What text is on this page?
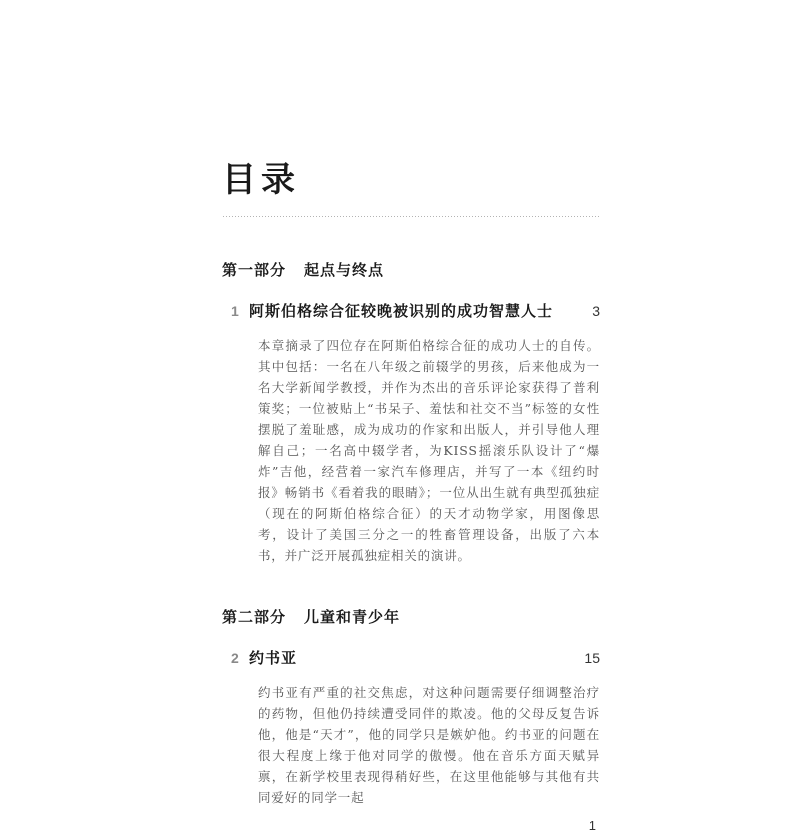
目录
第一部分 起点与终点
1 阿斯伯格综合征较晚被识别的成功智慧人士	3

本章摘录了四位存在阿斯伯格综合征的成功人士的自传。其中包括：一名在八年级之前辍学的男孩，后来他成为一名大学新闻学教授，并作为杰出的音乐评论家获得了普利策奖；一位被贴上“书呆子、羞怯和社交不当”标签的女性摆脱了羞耻感，成为成功的作家和出版人，并引导他人理解自己；一名高中辍学者，为KISS摇滚乐队设计了“爆炸”吉他，经营着一家汽车修理店，并写了一本《纽约时报》畅销书《看着我的眼睛》；一位从出生就有典型孤独症（现在的阿斯伯格综合征）的天才动物学家，用图像思考，设计了美国三分之一的牲畜管理设备，出版了六本书，并广泛开展孤独症相关的演讲。

第二部分 儿童和青少年
2 约书亚	15

约书亚有严重的社交焦虑，对这种问题需要仔细调整治疗的药物，但他仍持续遭受同伴的欺凌。他的父母反复告诉他，他是“天才”，他的同学只是嫉妒他。约书亚的问题在很大程度上缘于他对同学的傲慢。他在音乐方面天赋异禀，在新学校里表现得稍好些，在这里他能够与其他有共同爱好的同学一起

1
